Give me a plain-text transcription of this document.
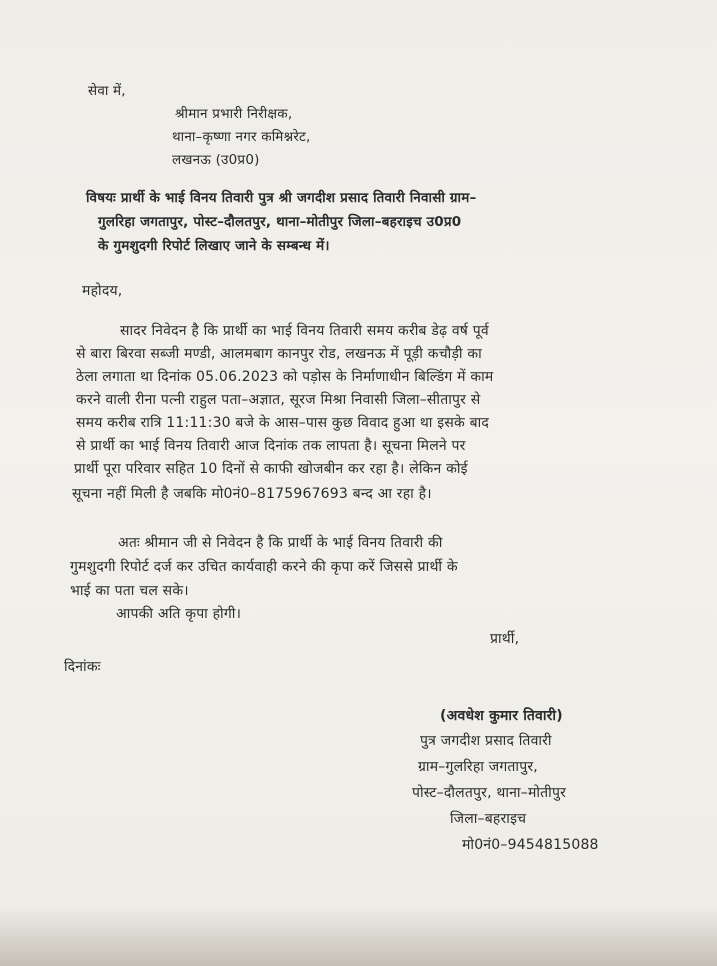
सेवा में,
श्रीमान प्रभारी निरीक्षक,
थाना–कृष्णा नगर कमिश्नरेट,
लखनऊ (उ0प्र0)
विषयः प्रार्थी के भाई विनय तिवारी पुत्र श्री जगदीश प्रसाद तिवारी निवासी ग्राम–
गुलरिहा जगतापुर, पोस्ट–दौलतपुर, थाना–मोतीपुर जिला–बहराइच उ0प्र0
के गुमशुदगी रिपोर्ट लिखाए जाने के सम्बन्ध में।
महोदय,
सादर निवेदन है कि प्रार्थी का भाई विनय तिवारी समय करीब डेढ़ वर्ष पूर्व
से बारा बिरवा सब्जी मण्डी, आलमबाग कानपुर रोड, लखनऊ में पूड़ी कचौड़ी का
ठेला लगाता था दिनांक 05.06.2023 को पड़ोस के निर्माणाधीन बिल्डिंग में काम
करने वाली रीना पत्नी राहुल पता–अज्ञात, सूरज मिश्रा निवासी जिला–सीतापुर से
समय करीब रात्रि 11:11:30 बजे के आस–पास कुछ विवाद हुआ था इसके बाद
से प्रार्थी का भाई विनय तिवारी आज दिनांक तक लापता है। सूचना मिलने पर
प्रार्थी पूरा परिवार सहित 10 दिनों से काफी खोजबीन कर रहा है। लेकिन कोई
सूचना नहीं मिली है जबकि मो0नं0–8175967693 बन्द आ रहा है।
अतः श्रीमान जी से निवेदन है कि प्रार्थी के भाई विनय तिवारी की
गुमशुदगी रिपोर्ट दर्ज कर उचित कार्यवाही करने की कृपा करें जिससे प्रार्थी के
भाई का पता चल सके।
आपकी अति कृपा होगी।
प्रार्थी,
दिनांकः
(अवधेश कुमार तिवारी)
पुत्र जगदीश प्रसाद तिवारी
ग्राम–गुलरिहा जगतापुर,
पोस्ट–दौलतपुर, थाना–मोतीपुर
जिला–बहराइच
मो0नं0–9454815088
